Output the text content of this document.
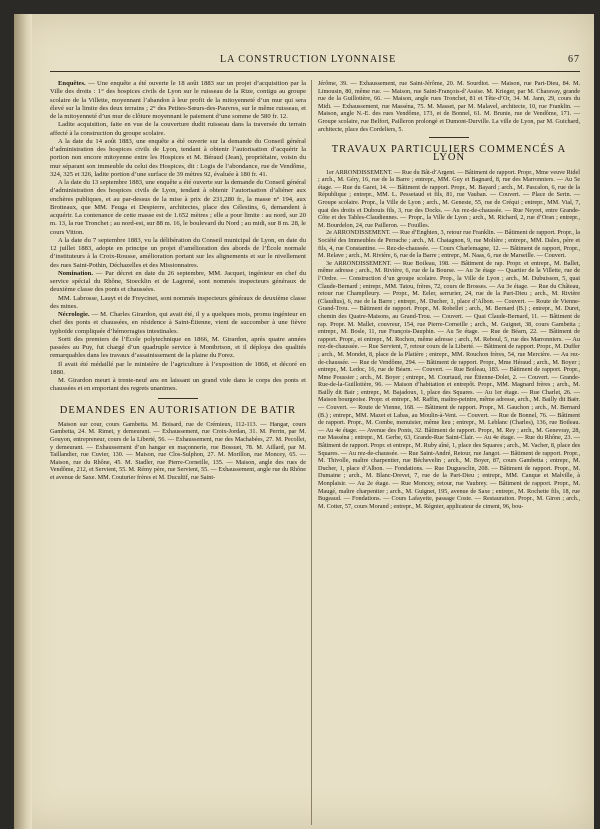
LA CONSTRUCTION LYONNAISE	67

Enquêtes. — Une enquête a été ouverte le 18 août 1883 sur un projet d’acquisition par la Ville des droits : 1° des hospices civils de Lyon sur le ruisseau de la Rize, contigu au groupe scolaire de la Villette, moyennant l’abandon à leur profit de la mitoyenneté d’un mur qui sera élevé sur la limite des deux terrains ; 2° des Petites-Sœurs-des-Pauvres, sur le même ruisseau, et de la mitoyenneté d’un mur de clôture moyennant le paiement d’une somme de 580 fr. 12.

Ladite acquisition, faite en vue de la couverture dudit ruisseau dans la traversée du terrain affecté à la construction du groupe scolaire.

A la date du 14 août 1883, une enquête a été ouverte sur la demande du Conseil général d’administration des hospices civils de Lyon, tendant à obtenir l’autorisation d’acquérir la portion non encore mitoyenne entre les Hospices et M. Béraud (Jean), propriétaire, voisin du mur séparant son immeuble du celui des Hospices, dit : Logis de l’abondance, rue de Vendôme, 324, 325 et 326, ladite portion d’une surface de 39 mètres 92, évaluée à 180 fr. 41.

A la date du 13 septembre 1883, une enquête a été ouverte sur la demande du Conseil général d’administration des hospices civils de Lyon, tendant à obtenir l’autorisation d’aliéner aux enchères publiques, et au par-dessus de la mise à prix de 231,280 fr., la masse n° 194, aux Brotteaux, que MM. Feuga et Despierre, architectes, place des Célestins, 6, demandent à acquérir. La contenance de cette masse est de 1.652 mètres ; elle a pour limite : au nord, sur 20 m. 13, la rue Tronchet ; au nord-est, sur 88 m. 16, le boulevard du Nord ; au midi, sur 8 m. 28, le cours Vitton.

A la date du 7 septembre 1883, vu la délibération du Conseil municipal de Lyon, en date du 12 juillet 1883, adopte en principe un projet d’amélioration des abords de l’École normale d’instituteurs à la Croix-Rousse, amélioration portant sur les alignements et sur le nivellement des rues Saint-Pothin, Déchazelles et des Missionnaires.

Nomination. — Par décret en date du 26 septembre, MM. Jacquet, ingénieur en chef du service spécial du Rhône, Stoecklin et de Lagrené, sont nommés inspecteurs généraux de deuxième classe des ponts et chaussées.

MM. Labrosse, Lauyt et de Freycinet, sont nommés inspecteurs généraux de deuxième classe des mines.

Nécrologie. — M. Charles Girardon, qui avait été, il y a quelques mois, promu ingénieur en chef des ponts et chaussées, en résidence à Saint-Étienne, vient de succomber à une fièvre typhoïde compliquée d’hémorragies intestinales.

Sorti des premiers de l’École polytechnique en 1866, M. Girardon, après quatre années passées au Puy, fut chargé d’un quadruple service à Montbrison, et il déploya des qualités remarquables dans les travaux d’assainissement de la plaine du Forez.

Il avait été médaillé par le ministère de l’agriculture à l’exposition de 1868, et décoré en 1880.

M. Girardon meurt à trente-neuf ans en laissant un grand vide dans le corps des ponts et chaussées et en emportant des regrets unanimes.

DEMANDES EN AUTORISATION DE BATIR

Maison sur cour, cours Gambetta. M. Boisard, rue de Crémieux, 112-113. — Hangar, cours Gambetta, 24. M. Rimet, y demeurant. — Exhaussement, rue Croix-Jordan, 31. M. Perrin, par M. Gouyon, entrepreneur, cours de la Liberté, 56. — Exhaussement, rue des Machabées, 27. M. Pecollet, y demeurant. — Exhaussement d’un hangar en maçonnerie, rue Bossuet, 78. M. Aillard, par M. Taillandier, rue Cuvier, 130. — Maison, rue Clos-Sulphon, 27. M. Morillon, rue Moncey, 65. — Maison, rue du Rhône, 45. M. Stadler, rue Pierre-Corneille, 135. — Maison, angle des rues de Vendôme, 212, et Servient, 55. M. Rémy père, rue Servient, 55. — Exhaussement, angle rue du Rhône et avenue de Saxe. MM. Couturier frères et M. Ducultif, rue Saint-

Jérôme, 39. — Exhaussement, rue Saint-Jérôme, 20. M. Sourdiot. — Maison, rue Part-Dieu, 84. M. Limousin, 80, même rue. — Maison, rue Saint-François-d’Assise. M. Krieger, par M. Charavay, grande rue de la Guillotière, 66. — Maison, angle rues Tronchet, 81 et Tête-d’Or, 34. M. Jann, 29, cours du Midi. — Exhaussement, rue Masséna, 75. M. Masset, par M. Malavel, architecte, 10, rue Franklin. — Maison, angle N.-E. des rues Vendôme, 173, et de Bonnel, 61. M. Brunie, rue de Vendôme, 171. — Groupe scolaire, rue Belfort, Pailleron prolongé et Dumont-Durville. La ville de Lyon, par M. Guichard, architecte, place des Cordeliers, 5.

TRAVAUX PARTICULIERS COMMENCÉS A LYON

1er ARRONDISSEMENT. — Rue du Bât-d’Argent. — Bâtiment de rapport. Propr., Mme veuve Ridel ; arch., M. Géry, 16, rue de la Barre ; entrepr., MM. Guy et Bagnard, 8, rue des Marronniers. — Au 5e étage. — Rue du Garet, 14. — Bâtiment de rapport. Propr., M. Bayard ; arch., M. Pascalon, 6, rue de la République ; entrepr., MM. L. Pessetaud et fils, 81, rue Vauban. — Couvert. — Place de Serin. — Groupe scolaire. Propr., la Ville de Lyon ; arch., M. Geneste, 55, rue de Créqui ; entrepr., MM. Vial, 7, quai des droits et Dubouis fils, 3, rue des Docks. — Au rez-de-chaussée. — Rue Neyret, entre Grande-Côte et des Tables-Claudiennes. — Propr., la Ville de Lyon ; arch., M. Richard, 2, rue d’Oran ; entrepr., M. Bourdelon, 24, rue Pailleron. — Fouilles.

2e ARRONDISSEMENT. — Rue d’Enghien, 3, retour rue Franklin. — Bâtiment de rapport. Propr., la Société des Immeubles de Perrache ; arch., M. Chatagnon, 9, rue Molière ; entrepr., MM. Dalex, père et fils, 4, rue Constantine. — Rez-de-chaussée. — Cours Charlemagne, 12. — Bâtiment de rapport, Propr., M. Relave ; arch., M. Rivière, 6, rue de la Barre ; entrepr., M. Naas, 6, rue de Marseille. — Couvert.

3e ARRONDISSEMENT. — Rue Boileau, 198. — Bâtiment de rap. Propr. et entrepr., M. Ballet, même adresse ; arch., M. Rivière, 6, rue de la Bourse. — Au 3e étage — Quartier de la Villette, rue de l’Ordre. — Construction d’un groupe scolaire. Prop., la Ville de Lyon ; arch., M. Dubuisson, 5, quai Claude-Bernard ; entrepr., MM. Tatou, frères, 72, cours de Brosses. — Au 3e étage. — Rue du Château, retour rue Champfleury. — Propr., M. Eeler, serrurier, 24, rue de la Part-Dieu ; arch., M. Rivière (Claudius), 6, rue de la Barre ; entrepr., M. Ducher, 1, place d’Albon. — Couvert. — Route de Vienne-Grand-Trou. — Bâtiment de rapport. Propr., M. Robellet ; arch., M. Bernard (B.) ; entrepr., M. Duret, chemin des Quatre-Maisons, au Grand-Trou. — Couvert. — Quai Claude-Bernard, 11. — Bâtiment de rap. Propr. M. Mallet, couvreur, 154, rue Pierre-Corneille ; arch., M. Guignet, 38, cours Gambetta ; entrepr., M. Bosle, 11, rue François-Dauphin. — Au 5e étage. — Rue de Béarn, 22. — Bâtiment de rapport. Propr., et entrepr., M. Rochon, même adresse ; arch., M. Reboul, 5, rue des Marronniers. — Au rez-de-chaussée. — Rue Servient, 7, retour cours de la Liberté. — Bâtiment de rapport. Propr., M. Duffer ; arch., M. Mondet, 8, place de la Platière ; entrepr., MM. Rouchon frères, 54, rue Mercière. — Au rez-de-chaussée. — Rue de Vendôme, 294. — Bâtiment de rapport. Propr., Mme Héraud ; arch., M. Boyer ; entrepr., M. Ledoc, 16, rue de Béarn. — Couvert. — Rue Boileau, 183. — Bâtiment de rapport. Propr., Mme Poussier ; arch., M. Boyer ; entrepr., M. Courtaud, rue Étienne-Dolet, 2. — Couvert. — Grande-Rue-de-la-Guillotière, 96. — Maison d’habitation et entrepôt. Propr., MM. Magnard frères ; arch., M. Bailly dit Bair ; entrepr., M. Bajadoux, 1, place des Squares. — Au 1er étage. — Rue Charlet, 26. — Maison bourgeoise. Propr. et entrepr., M. Raffin, maître-peintre, même adresse, arch., M. Bailly dit Baër. — Couvert. — Route de Vienne, 168. — Bâtiment de rapport. Propr., M. Gauchon ; arch., M. Bernard (B.) ; entrepr., MM. Mazet et Labas, au Moulin-à-Vent. — Couvert. — Rue de Bonnel, 76. — Bâtiment de rapport. Propr., M. Combe, menuisier, même lieu ; entrepr., M. Leblanc (Charles), 136, rue Boileau. — Au 4e étage. — Avenue des Ponts, 32. Bâtiment de rapport. Propr., M. Rey ; arch., M. Genevray, 28, rue Masséna ; entrepr., M. Gerbe, 63, Grande-Rue Saint-Clair. — Au 4e étage. — Rue du Rhône, 23. — Bâtiment de rapport. Propr. et entrepr., M. Ruby aîné, 1, place des Squares ; arch., M. Vacher, 8, place des Squares. — Au rez-de-chaussée. — Rue Saint-André, Retour, rue Jangot. — Bâtiment de rapport. Propr., M. Thivolle, maître charpentier, rue Béchevelin ; arch., M. Boyer, 87, cours Gambetta ; entrepr., M. Ducher, 1, place d’Albon. — Fondations. — Rue Duguesclin, 208. — Bâtiment de rapport. Propr., M. Dumaine ; arch., M. Blanc-Drevet, 7, rue de la Part-Dieu ; entrepr., MM. Canque et Malville, à Monplaisir. — Au 2e étage. — Rue Moncey, retour, rue Vaubrey. — Bâtiment de rapport. Propr., M. Maugé, maître charpentier ; arch., M. Guignet, 195, avenue de Saxe ; entrepr., M. Rochette fils, 18, rue Bugeaud. — Fondations. — Cours Lafayette, passage Coste. — Restauration. Propr., M. Giron ; arch., M. Cotter, 57, cours Morand ; entrepr., M. Régnier, applicateur de ciment, 96, bou-
